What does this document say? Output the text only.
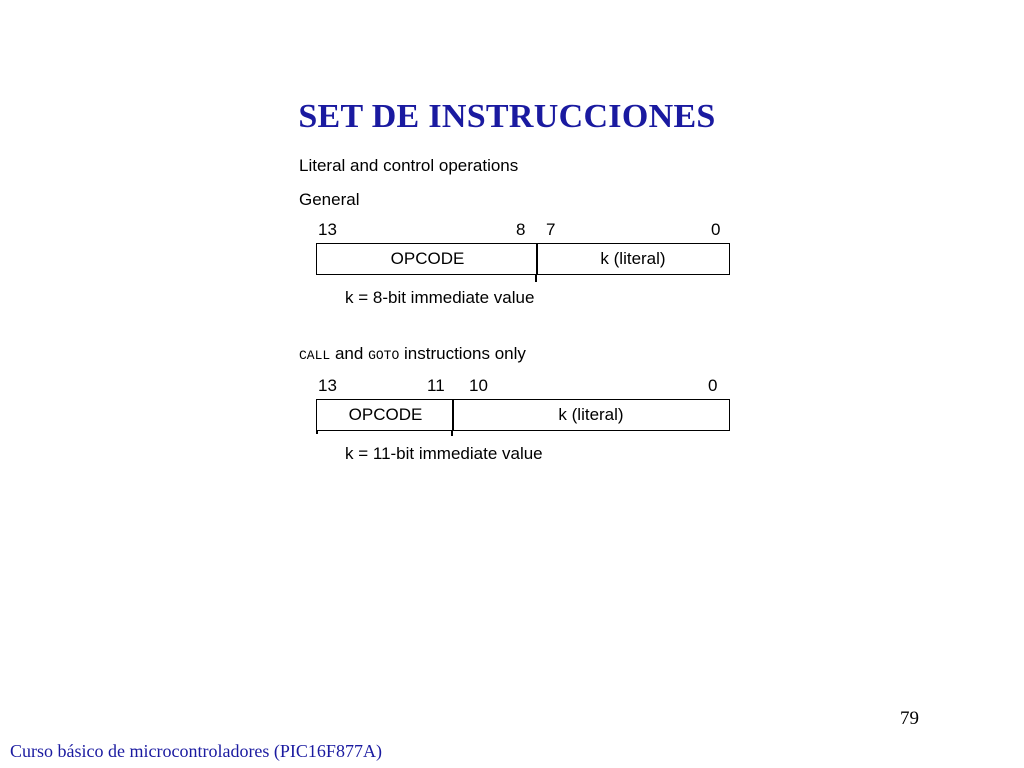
SET DE INSTRUCCIONES
Literal and control operations
General
13	8 7	0
OPCODE	k (literal)
k = 8-bit immediate value
CALL and GOTO instructions only
13	11 10	0
OPCODE	k (literal)
k = 11-bit immediate value
79
Curso básico de microcontroladores (PIC16F877A)
